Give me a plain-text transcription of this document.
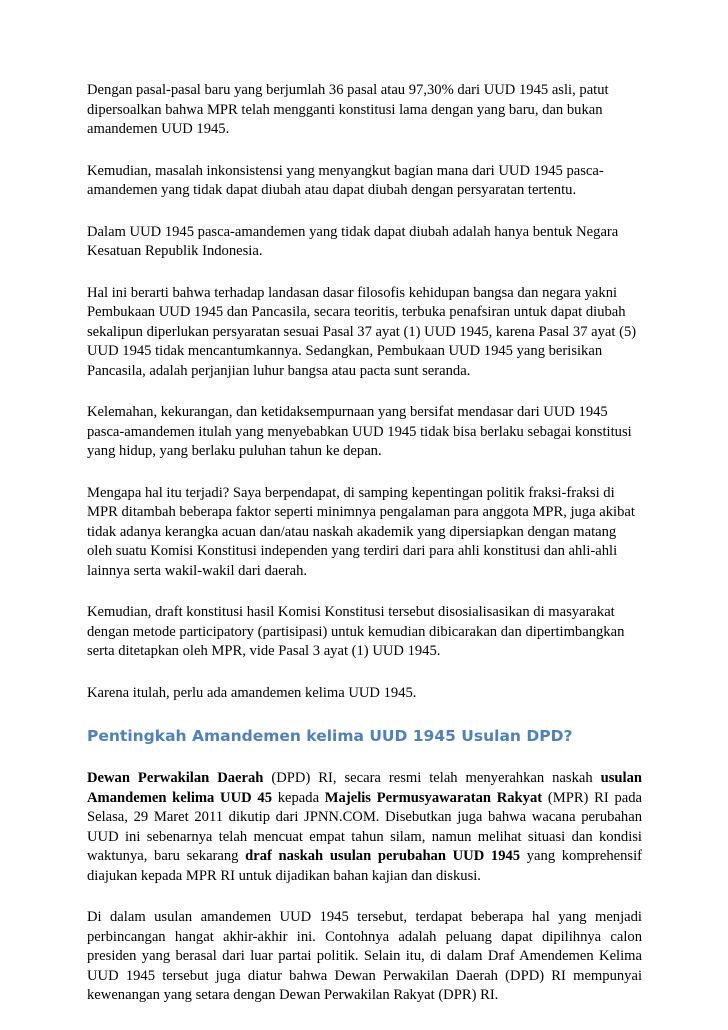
Dengan pasal-pasal baru yang berjumlah 36 pasal atau 97,30% dari UUD 1945 asli, patut dipersoalkan bahwa MPR telah mengganti konstitusi lama dengan yang baru, dan bukan amandemen UUD 1945.

Kemudian, masalah inkonsistensi yang menyangkut bagian mana dari UUD 1945 pasca-amandemen yang tidak dapat diubah atau dapat diubah dengan persyaratan tertentu.

Dalam UUD 1945 pasca-amandemen yang tidak dapat diubah adalah hanya bentuk Negara Kesatuan Republik Indonesia.

Hal ini berarti bahwa terhadap landasan dasar filosofis kehidupan bangsa dan negara yakni Pembukaan UUD 1945 dan Pancasila, secara teoritis, terbuka penafsiran untuk dapat diubah sekalipun diperlukan persyaratan sesuai Pasal 37 ayat (1) UUD 1945, karena Pasal 37 ayat (5) UUD 1945 tidak mencantumkannya. Sedangkan, Pembukaan UUD 1945 yang berisikan Pancasila, adalah perjanjian luhur bangsa atau pacta sunt seranda.

Kelemahan, kekurangan, dan ketidaksempurnaan yang bersifat mendasar dari UUD 1945 pasca-amandemen itulah yang menyebabkan UUD 1945 tidak bisa berlaku sebagai konstitusi yang hidup, yang berlaku puluhan tahun ke depan.

Mengapa hal itu terjadi? Saya berpendapat, di samping kepentingan politik fraksi-fraksi di MPR ditambah beberapa faktor seperti minimnya pengalaman para anggota MPR, juga akibat tidak adanya kerangka acuan dan/atau naskah akademik yang dipersiapkan dengan matang oleh suatu Komisi Konstitusi independen yang terdiri dari para ahli konstitusi dan ahli-ahli lainnya serta wakil-wakil dari daerah.

Kemudian, draft konstitusi hasil Komisi Konstitusi tersebut disosialisasikan di masyarakat dengan metode participatory (partisipasi) untuk kemudian dibicarakan dan dipertimbangkan serta ditetapkan oleh MPR, vide Pasal 3 ayat (1) UUD 1945.

Karena itulah, perlu ada amandemen kelima UUD 1945.

Pentingkah Amandemen kelima UUD 1945 Usulan DPD?

Dewan Perwakilan Daerah (DPD) RI, secara resmi telah menyerahkan naskah usulan Amandemen kelima UUD 45 kepada Majelis Permusyawaratan Rakyat (MPR) RI pada Selasa, 29 Maret 2011 dikutip dari JPNN.COM. Disebutkan juga bahwa wacana perubahan UUD ini sebenarnya telah mencuat empat tahun silam, namun melihat situasi dan kondisi waktunya, baru sekarang draf naskah usulan perubahan UUD 1945 yang komprehensif diajukan kepada MPR RI untuk dijadikan bahan kajian dan diskusi.

Di dalam usulan amandemen UUD 1945 tersebut, terdapat beberapa hal yang menjadi perbincangan hangat akhir-akhir ini. Contohnya adalah peluang dapat dipilihnya calon presiden yang berasal dari luar partai politik. Selain itu, di dalam Draf Amendemen Kelima UUD 1945 tersebut juga diatur bahwa Dewan Perwakilan Daerah (DPD) RI mempunyai kewenangan yang setara dengan Dewan Perwakilan Rakyat (DPR) RI.
